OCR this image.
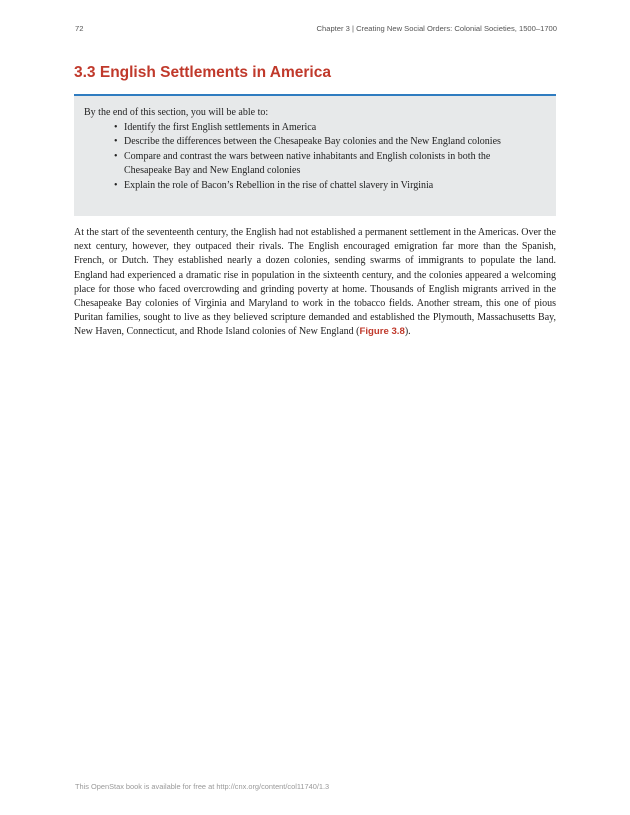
72	Chapter 3 | Creating New Social Orders: Colonial Societies, 1500–1700
3.3 English Settlements in America

By the end of this section, you will be able to:

• Identify the first English settlements in America
• Describe the differences between the Chesapeake Bay colonies and the New England colonies
• Compare and contrast the wars between native inhabitants and English colonists in both the Chesapeake Bay and New England colonies
• Explain the role of Bacon’s Rebellion in the rise of chattel slavery in Virginia

At the start of the seventeenth century, the English had not established a permanent settlement in the Americas. Over the next century, however, they outpaced their rivals. The English encouraged emigration far more than the Spanish, French, or Dutch. They established nearly a dozen colonies, sending swarms of immigrants to populate the land. England had experienced a dramatic rise in population in the sixteenth century, and the colonies appeared a welcoming place for those who faced overcrowding and grinding poverty at home. Thousands of English migrants arrived in the Chesapeake Bay colonies of Virginia and Maryland to work in the tobacco fields. Another stream, this one of pious Puritan families, sought to live as they believed scripture demanded and established the Plymouth, Massachusetts Bay, New Haven, Connecticut, and Rhode Island colonies of New England (Figure 3.8).

This OpenStax book is available for free at http://cnx.org/content/col11740/1.3
